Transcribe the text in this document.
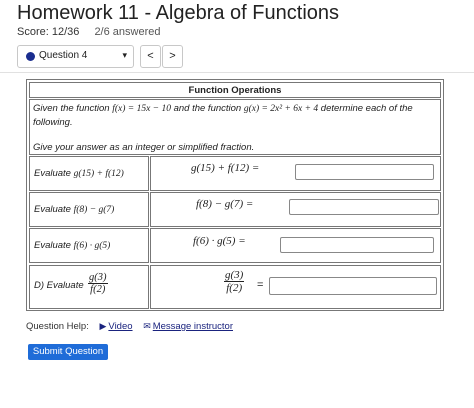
Homework 11 - Algebra of Functions
Score: 12/36 2/6 answered
Question 4	▾	<	>
Function Operations
Given the function f(x) = 15x − 10 and the function g(x) = 2x² + 6x + 4 determine each of the following.
Give your answer as an integer or simplified fraction.
Evaluate g(15) + f(12)	g(15) + f(12) =
Evaluate f(8) − g(7)	f(8) − g(7) =
Evaluate f(6) · g(5)	f(6) · g(5) =
D) Evaluate $\frac{g(3)}{f(2)}$	$\frac{g(3)}{f(2)}$ =
Question Help: ▶ Video ✉ Message instructor
Submit Question
